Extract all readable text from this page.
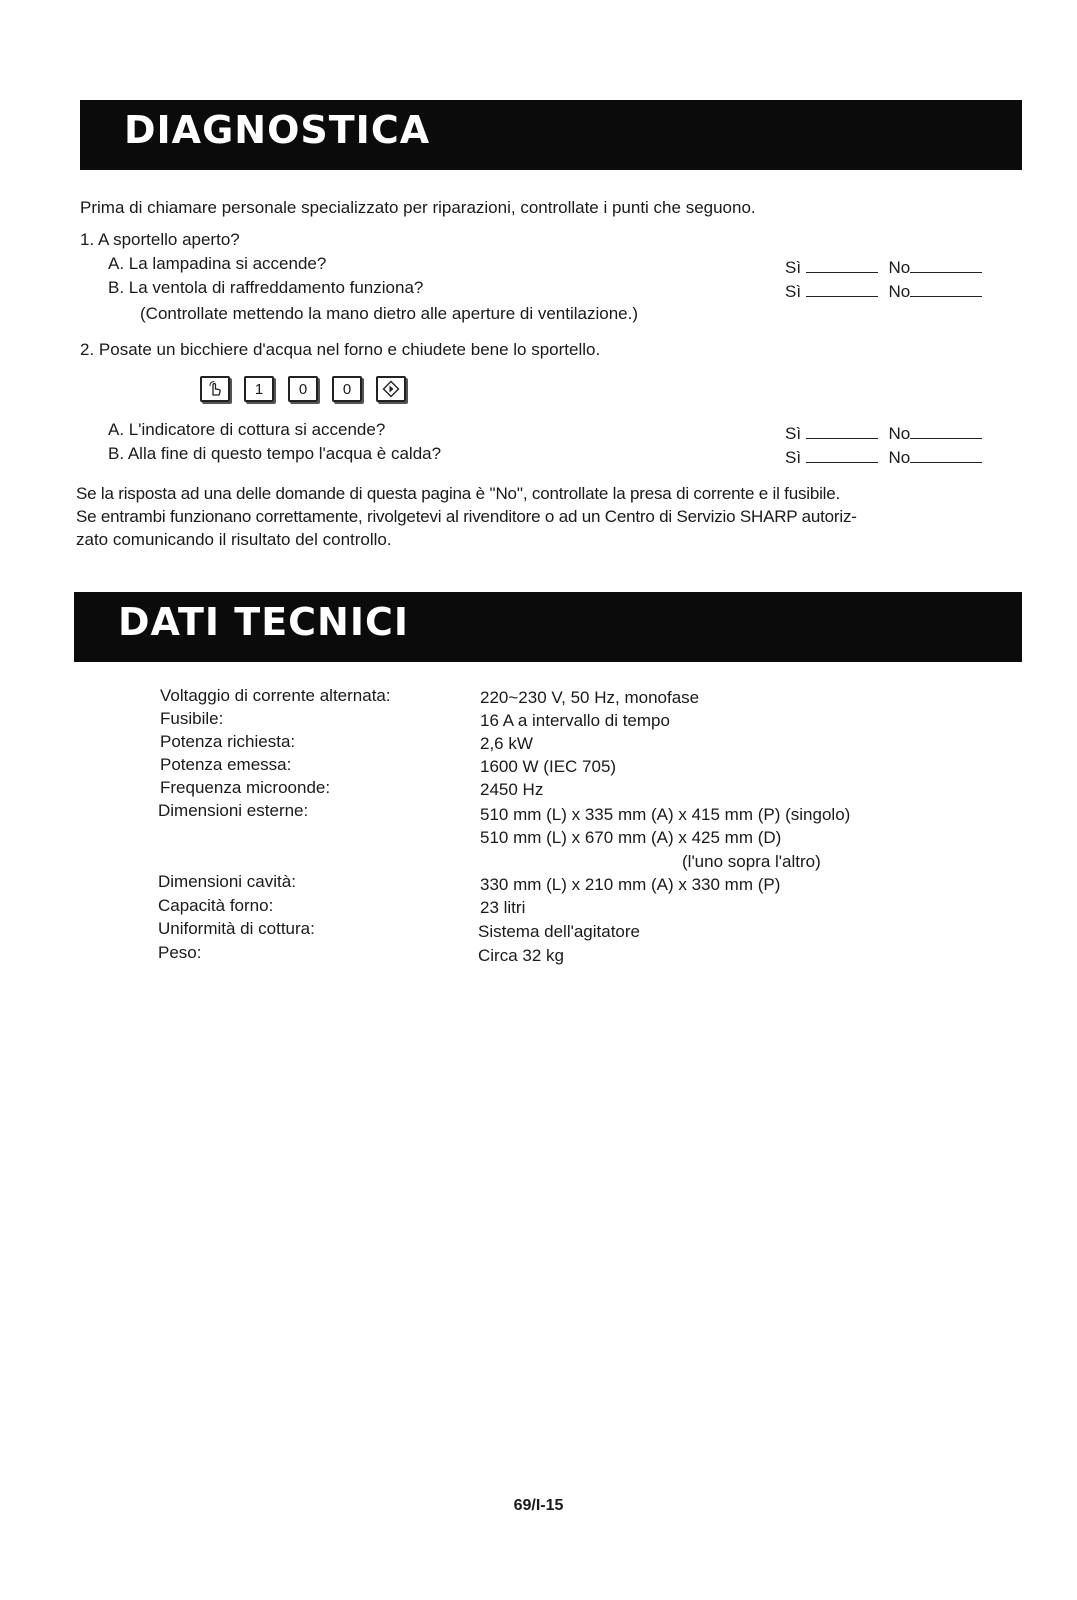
DIAGNOSTICA
Prima di chiamare personale specializzato per riparazioni, controllate i punti che seguono.
1. A sportello aperto?
A. La lampadina si accende?
B. La ventola di raffreddamento funziona?
(Controllate mettendo la mano dietro alle aperture di ventilazione.)
Sì	No
Sì	No
2. Posate un bicchiere d'acqua nel forno e chiudete bene lo sportello.
1	0	0
A. L'indicatore di cottura si accende?
B. Alla fine di questo tempo l'acqua è calda?
Sì	No
Sì	No
Se la risposta ad una delle domande di questa pagina è ''No'', controllate la presa di corrente e il fusibile.
Se entrambi funzionano correttamente, rivolgetevi al rivenditore o ad un Centro di Servizio SHARP autoriz-
zato comunicando il risultato del controllo.
DATI TECNICI
Voltaggio di corrente alternata:	220~230 V, 50 Hz, monofase
Fusibile:	16 A a intervallo di tempo
Potenza richiesta:	2,6 kW
Potenza emessa:	1600 W (IEC 705)
Frequenza microonde:	2450 Hz
Dimensioni esterne:	510 mm (L) x 335 mm (A) x 415 mm (P) (singolo)
510 mm (L) x 670 mm (A) x 425 mm (D)
(l'uno sopra l'altro)
Dimensioni cavità:	330 mm (L) x 210 mm (A) x 330 mm (P)
Capacità forno:	23 litri
Uniformità di cottura:	Sistema dell'agitatore
Peso:	Circa 32 kg
69/I-15
